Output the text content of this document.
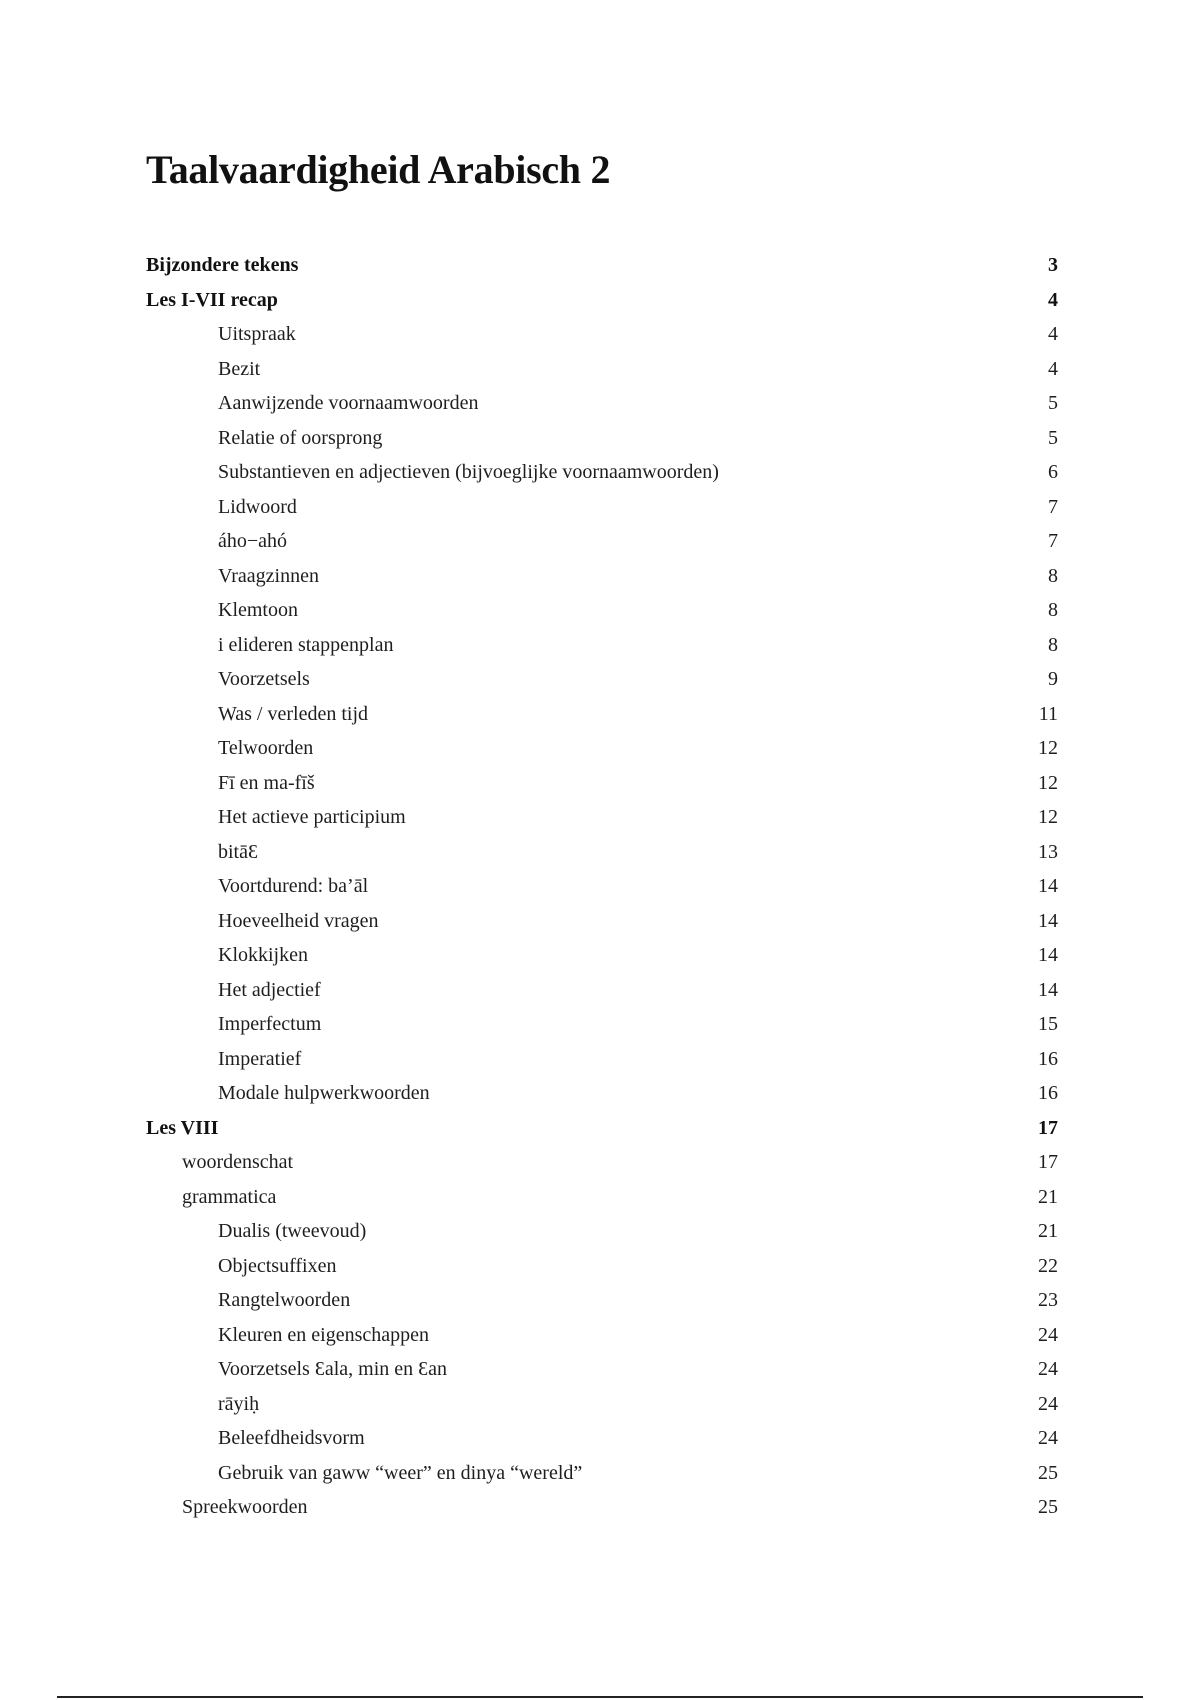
Taalvaardigheid Arabisch 2
Bijzondere tekens	3
Les I-VII recap	4
Uitspraak	4
Bezit	4
Aanwijzende voornaamwoorden	5
Relatie of oorsprong	5
Substantieven en adjectieven (bijvoeglijke voornaamwoorden)	6
Lidwoord	7
áho−ahó	7
Vraagzinnen	8
Klemtoon	8
i elideren stappenplan	8
Voorzetsels	9
Was / verleden tijd	11
Telwoorden	12
Fī en ma-fīš	12
Het actieve participium	12
bitāƐ	13
Voortdurend: ba’āl	14
Hoeveelheid vragen	14
Klokkijken	14
Het adjectief	14
Imperfectum	15
Imperatief	16
Modale hulpwerkwoorden	16
Les VIII	17
woordenschat	17
grammatica	21
Dualis (tweevoud)	21
Objectsuffixen	22
Rangtelwoorden	23
Kleuren en eigenschappen	24
Voorzetsels Ɛala, min en Ɛan	24
rāyiḥ	24
Beleefdheidsvorm	24
Gebruik van gaww “weer” en dinya “wereld”	25
Spreekwoorden	25
